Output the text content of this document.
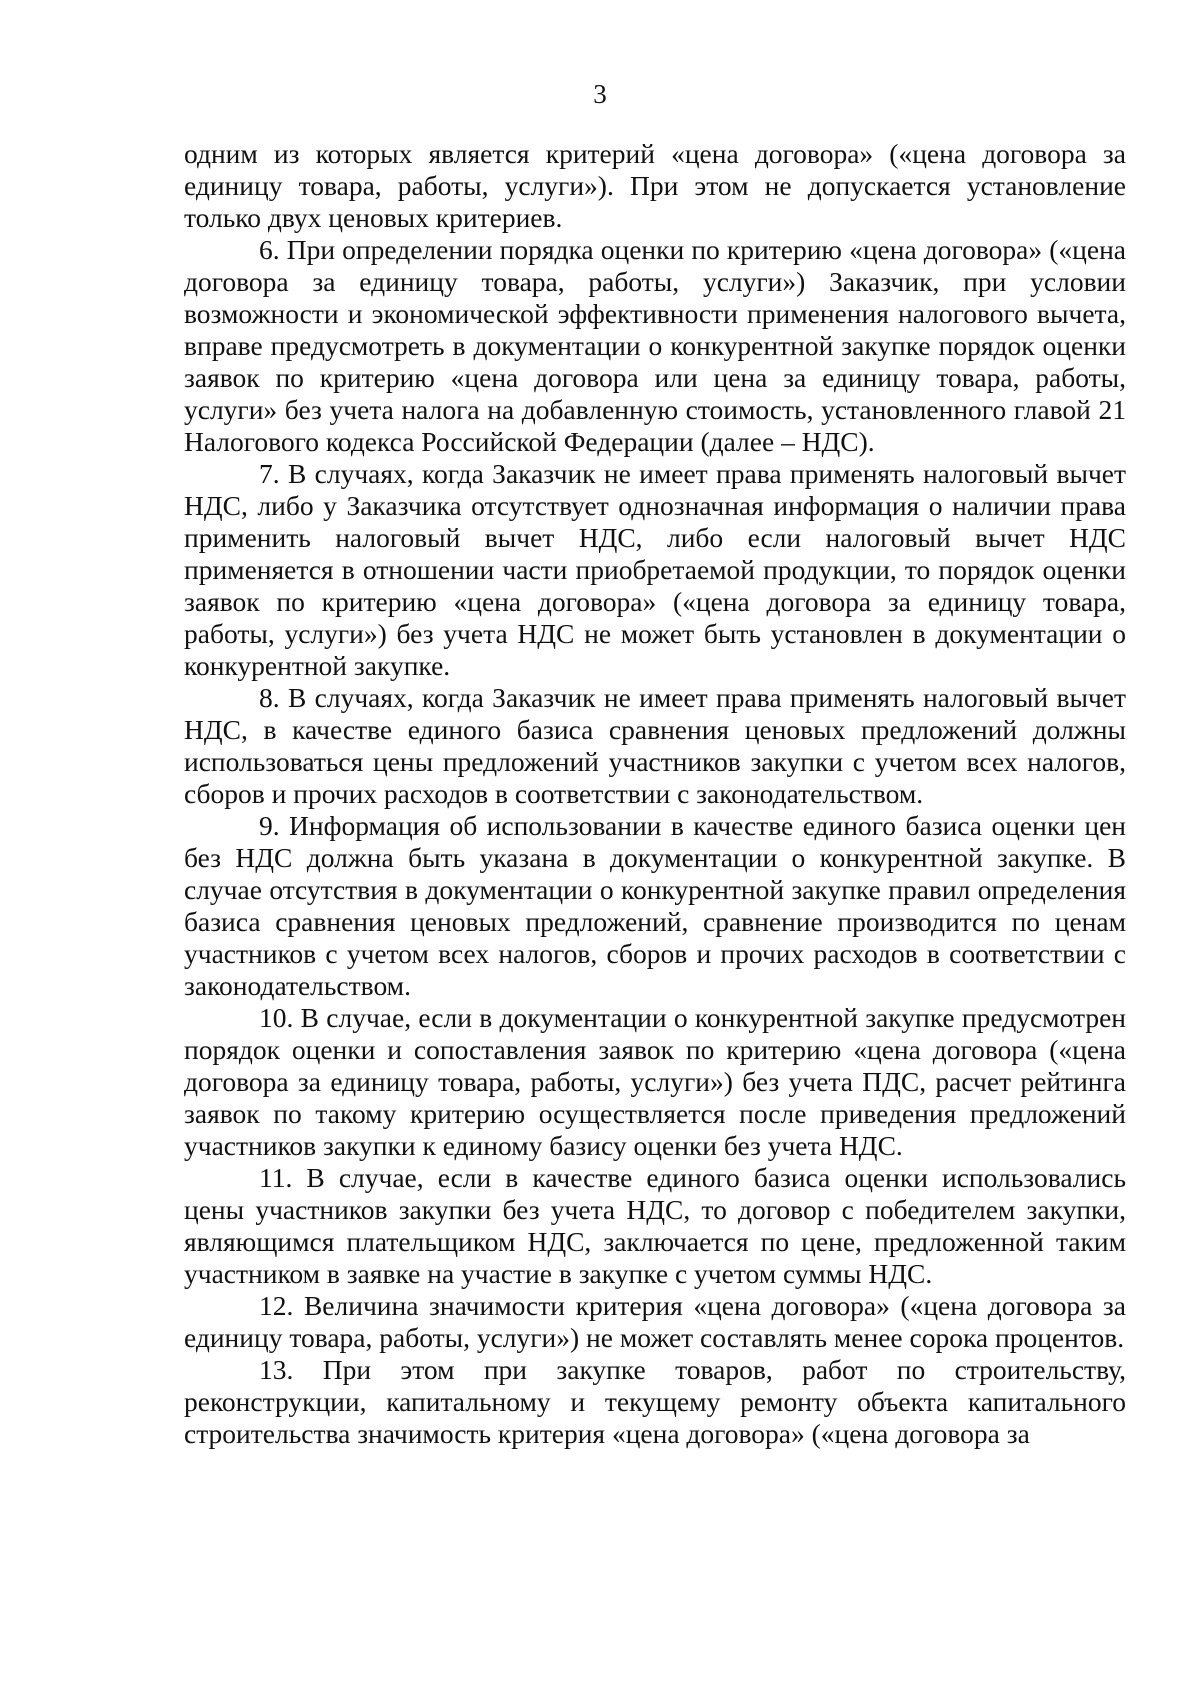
3

одним из которых является критерий «цена договора» («цена договора за единицу товара, работы, услуги»). При этом не допускается установление только двух ценовых критериев.

6. При определении порядка оценки по критерию «цена договора» («цена договора за единицу товара, работы, услуги») Заказчик, при условии возможности и экономической эффективности применения налогового вычета, вправе предусмотреть в документации о конкурентной закупке порядок оценки заявок по критерию «цена договора или цена за единицу товара, работы, услуги» без учета налога на добавленную стоимость, установленного главой 21 Налогового кодекса Российской Федерации (далее – НДС).

7. В случаях, когда Заказчик не имеет права применять налоговый вычет НДС, либо у Заказчика отсутствует однозначная информация о наличии права применить налоговый вычет НДС, либо если налоговый вычет НДС применяется в отношении части приобретаемой продукции, то порядок оценки заявок по критерию «цена договора» («цена договора за единицу товара, работы, услуги») без учета НДС не может быть установлен в документации о конкурентной закупке.

8. В случаях, когда Заказчик не имеет права применять налоговый вычет НДС, в качестве единого базиса сравнения ценовых предложений должны использоваться цены предложений участников закупки с учетом всех налогов, сборов и прочих расходов в соответствии с законодательством.

9. Информация об использовании в качестве единого базиса оценки цен без НДС должна быть указана в документации о конкурентной закупке. В случае отсутствия в документации о конкурентной закупке правил определения базиса сравнения ценовых предложений, сравнение производится по ценам участников с учетом всех налогов, сборов и прочих расходов в соответствии с законодательством.

10. В случае, если в документации о конкурентной закупке предусмотрен порядок оценки и сопоставления заявок по критерию «цена договора («цена договора за единицу товара, работы, услуги») без учета ПДС, расчет рейтинга заявок по такому критерию осуществляется после приведения предложений участников закупки к единому базису оценки без учета НДС.

11. В случае, если в качестве единого базиса оценки использовались цены участников закупки без учета НДС, то договор с победителем закупки, являющимся плательщиком НДС, заключается по цене, предложенной таким участником в заявке на участие в закупке с учетом суммы НДС.

12. Величина значимости критерия «цена договора» («цена договора за единицу товара, работы, услуги») не может составлять менее сорока процентов.

13. При этом при закупке товаров, работ по строительству, реконструкции, капитальному и текущему ремонту объекта капитального строительства значимость критерия «цена договора» («цена договора за
